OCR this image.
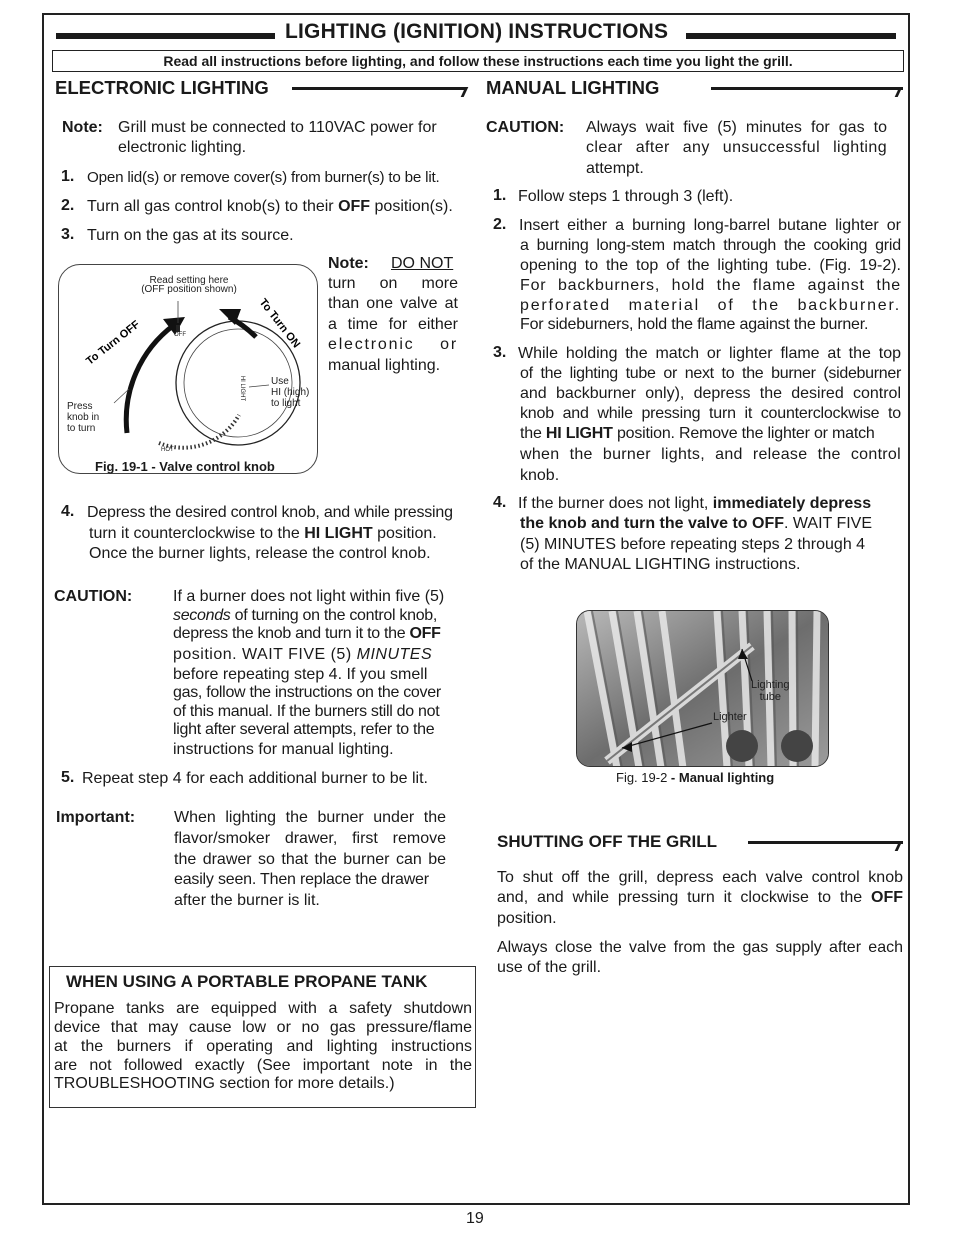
LIGHTING (IGNITION) INSTRUCTIONS
Read all instructions before lighting, and follow these instructions each time you light the grill.
ELECTRONIC LIGHTING
Note: Grill must be connected to 110VAC power for
electronic lighting.
1. Open lid(s) or remove cover(s) from burner(s) to be lit.
2. Turn all gas control knob(s) to their OFF position(s).
3. Turn on the gas at its source.
To Turn OFF	To Turn ON
Read setting here
(OFF position shown)
OFF
HI LIGHT
HOT
Press
knob in
to turn
Use
HI (high)
to light
Fig. 19-1 - Valve control knob
Note: DO NOT
turn on more
than one valve at
a time for either
electronic or
manual lighting.
4. Depress the desired control knob, and while pressing
turn it counterclockwise to the HI LIGHT position.
Once the burner lights, release the control knob.
CAUTION:	If a burner does not light within five (5)
seconds of turning on the control knob,
depress the knob and turn it to the OFF
position. WAIT FIVE (5) MINUTES
before repeating step 4. If you smell
gas, follow the instructions on the cover
of this manual. If the burners still do not
light after several attempts, refer to the
instructions for manual lighting.
5. Repeat step 4 for each additional burner to be lit.
Important: When lighting the burner under the
flavor/smoker drawer, first remove
the drawer so that the burner can be
easily seen. Then replace the drawer
after the burner is lit.
WHEN USING A PORTABLE PROPANE TANK
Propane tanks are equipped with a safety shutdown
device that may cause low or no gas pressure/flame
at the burners if operating and lighting instructions
are not followed exactly (See important note in the
TROUBLESHOOTING section for more details.)
MANUAL LIGHTING
CAUTION: Always wait five (5) minutes for gas to
clear after any unsuccessful lighting
attempt.
1. Follow steps 1 through 3 (left).
2. Insert either a burning long-barrel butane lighter or
a burning long-stem match through the cooking grid
opening to the top of the lighting tube. (Fig. 19-2).
For backburners, hold the flame against the
perforated material of the backburner.
For sideburners, hold the flame against the burner.
3. While holding the match or lighter flame at the top
of the lighting tube or next to the burner (sideburner
and backburner only), depress the desired control
knob and while pressing turn it counterclockwise to
the HI LIGHT position. Remove the lighter or match
when the burner lights, and release the control
knob.
4. If the burner does not light, immediately depress
the knob and turn the valve to OFF. WAIT FIVE
(5) MINUTES before repeating steps 2 through 4
of the MANUAL LIGHTING instructions.
Lighting
tube
Lighter
Fig. 19-2 - Manual lighting
SHUTTING OFF THE GRILL
To shut off the grill, depress each valve control knob
and, and while pressing turn it clockwise to the OFF
position.
Always close the valve from the gas supply after each
use of the grill.
19
